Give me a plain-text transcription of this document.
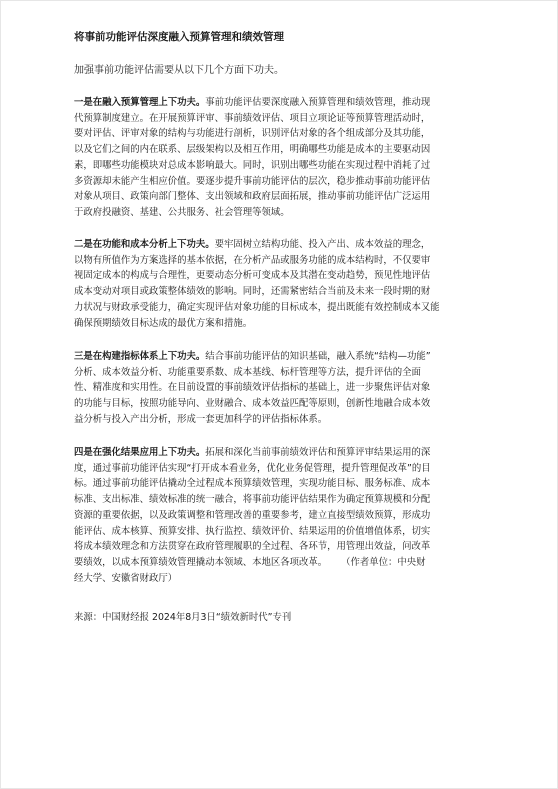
将事前功能评估深度融入预算管理和绩效管理
加强事前功能评估需要从以下几个方面下功夫。
一是在融入预算管理上下功夫。事前功能评估要深度融入预算管理和绩效管理，推动现
代预算制度建立。在开展预算评审、事前绩效评估、项目立项论证等预算管理活动时，
要对评估、评审对象的结构与功能进行剖析，识别评估对象的各个组成部分及其功能，
以及它们之间的内在联系、层级架构以及相互作用，明确哪些功能是成本的主要驱动因
素，即哪些功能模块对总成本影响最大。同时，识别出哪些功能在实现过程中消耗了过
多资源却未能产生相应价值。要逐步提升事前功能评估的层次，稳步推动事前功能评估
对象从项目、政策向部门整体、支出领域和政府层面拓展，推动事前功能评估广泛运用
于政府投融资、基建、公共服务、社会管理等领域。
二是在功能和成本分析上下功夫。要牢固树立结构功能、投入产出、成本效益的理念，
以物有所值作为方案选择的基本依据，在分析产品或服务功能的成本结构时，不仅要审
视固定成本的构成与合理性，更要动态分析可变成本及其潜在变动趋势，预见性地评估
成本变动对项目或政策整体绩效的影响。同时，还需紧密结合当前及未来一段时期的财
力状况与财政承受能力，确定实现评估对象功能的目标成本，提出既能有效控制成本又能
确保预期绩效目标达成的最优方案和措施。
三是在构建指标体系上下功夫。结合事前功能评估的知识基础，融入系统“结构—功能”
分析、成本效益分析、功能重要系数、成本基线、标杆管理等方法，提升评估的全面
性、精准度和实用性。在目前设置的事前绩效评估指标的基础上，进一步聚焦评估对象
的功能与目标，按照功能导向、业财融合、成本效益匹配等原则，创新性地融合成本效
益分析与投入产出分析，形成一套更加科学的评估指标体系。
四是在强化结果应用上下功夫。拓展和深化当前事前绩效评估和预算评审结果运用的深
度，通过事前功能评估实现“打开成本看业务，优化业务促管理，提升管理促改革”的目
标。通过事前功能评估撬动全过程成本预算绩效管理，实现功能目标、服务标准、成本
标准、支出标准、绩效标准的统一融合，将事前功能评估结果作为确定预算规模和分配
资源的重要依据，以及政策调整和管理改善的重要参考，建立直接型绩效预算，形成功
能评估、成本核算、预算安排、执行监控、绩效评价、结果运用的价值增值体系，切实
将成本绩效理念和方法贯穿在政府管理履职的全过程、各环节，用管理出效益，问改革
要绩效，以成本预算绩效管理撬动本领域、本地区各项改革。 （作者单位：中央财
经大学、安徽省财政厅）
来源：中国财经报 2024年8月3日“绩效新时代”专刊
